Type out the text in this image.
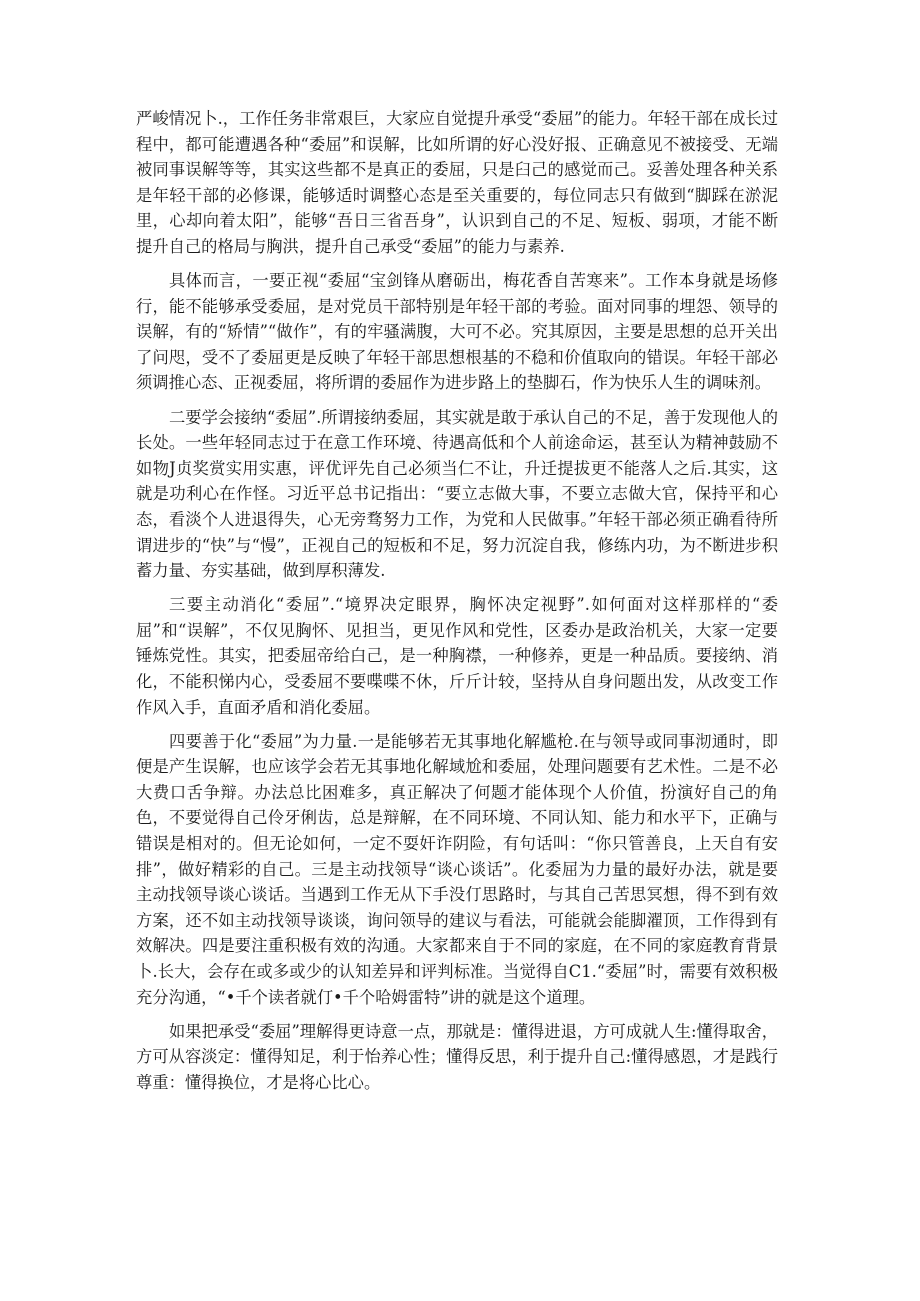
严峻情况卜.，工作任务非常艰巨，大家应自觉提升承受“委屈”的能力。年轻干部在成长过程中，都可能遭遇各种“委屈”和误解，比如所谓的好心没好报、正确意见不被接受、无端被同事误解等等，其实这些都不是真正的委屈，只是臼己的感觉而己。妥善处理各种关系是年轻干部的必修课，能够适时调整心态是至关重要的，每位同志只有做到“脚踩在淤泥里，心却向着太阳”，能够“吾日三省吾身”，认识到自己的不足、短板、弱项，才能不断提升自己的格局与胸洪，提升自己承受“委屈”的能力与素养.

具体而言，一要正视“委屈“宝剑锋从磨砺出，梅花香自苦寒来”。工作本身就是场修行，能不能够承受委屈，是对党员干部特别是年轻干部的考验。面对同事的埋怨、领导的误解，有的“矫情”“做作”，有的牢骚满腹，大可不必。究其原因，主要是思想的总开关出了问咫，受不了委屈更是反映了年轻干部思想根基的不稳和价值取向的错误。年轻干部必须调推心态、正视委屈，将所谓的委屈作为进步路上的垫脚石，作为快乐人生的调味剂。

二要学会接纳“委屈”.所谓接纳委屈，其实就是敢于承认自己的不足，善于发现他人的长处。一些年轻同志过于在意工作环境、待遇高低和个人前途命运，甚至认为精神鼓励不如物J贞奖赏实用实惠，评优评先自己必须当仁不让，升迁提拔更不能落人之后.其实，这就是功利心在作怪。习近平总书记指出：“要立志做大事，不要立志做大官，保持平和心态，看淡个人进退得失，心无旁骛努力工作，为党和人民做事。”年轻干部必须正确看待所谓进步的“快”与“慢”，正视自己的短板和不足，努力沉淀自我，修练内功，为不断进步积蓄力量、夯实基础，做到厚积薄发.

三要主动消化“委屈”.“境界决定眼界，胸怀决定视野”.如何面对这样那样的“委屈”和“误解”，不仅见胸怀、见担当，更见作风和党性，区委办是政治机关，大家一定要锤炼党性。其实，把委屈帝给白己，是一种胸襟，一种修养，更是一种品质。要接纳、消化，不能积悌内心，受委屈不要喋喋不休，斤斤计较，坚持从自身问题出发，从改变工作作风入手，直面矛盾和消化委屈。

四要善于化“委屈”为力量.一是能够若无其事地化解尴枪.在与领导或同事沏通时，即便是产生误解，也应该学会若无其事地化解域尬和委屈，处理问题要有艺术性。二是不必大费口舌争辩。办法总比困难多，真正解决了何题才能体现个人价值，扮演好自己的角色，不要觉得自己伶牙俐齿，总是辩解，在不同环境、不同认知、能力和水平下，正确与错误是相对的。但无论如何，一定不耍奸诈阴险，有句话叫：“你只管善良，上天自有安排”，做好精彩的自己。三是主动找领导“谈心谈话”。化委屈为力量的最好办法，就是要主动找领导谈心谈话。当遇到工作无从下手没仃思路时，与其自己苦思冥想，得不到有效方案，还不如主动找领导谈谈，询问领导的建议与看法，可能就会能脚濯顶，工作得到有效解决。四是要注重积极有效的沟通。大家都来自于不同的家庭，在不同的家庭教育背景卜.长大，会存在或多或少的认知差异和评判标准。当觉得自C1.“委屈”时，需要有效积极充分沟通，“•千个读者就仃•千个哈姆雷特”讲的就是这个道理。

如果把承受“委屈”理解得更诗意一点，那就是：懂得进退，方可成就人生:懂得取舍，方可从容淡定：懂得知足，利于怡养心性；懂得反思，利于提升自己:懂得感恩，才是践行尊重：懂得换位，才是将心比心。
